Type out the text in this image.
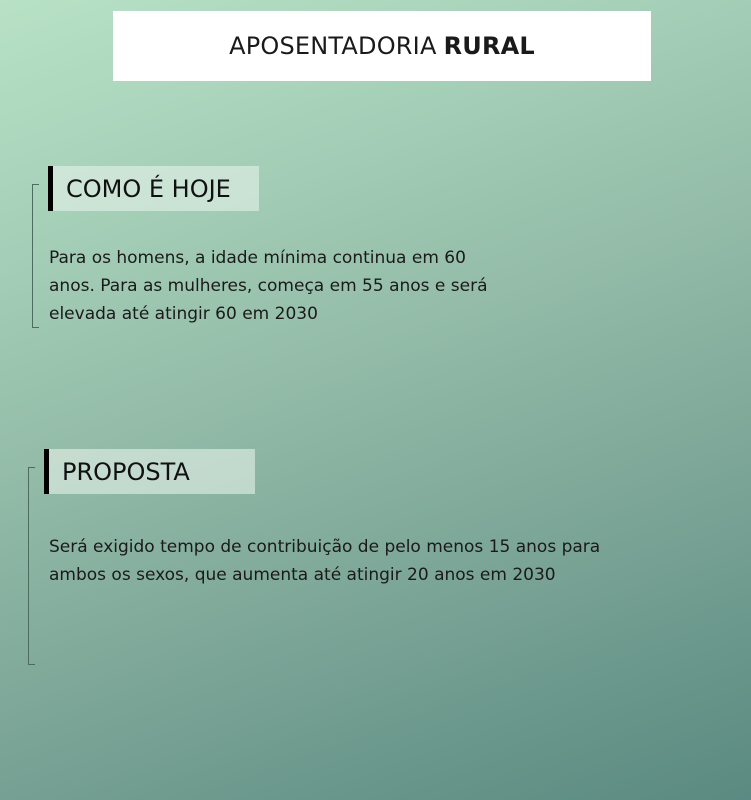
APOSENTADORIA RURAL
COMO É HOJE
Para os homens, a idade mínima continua em 60
anos. Para as mulheres, começa em 55 anos e será
elevada até atingir 60 em 2030
PROPOSTA
Será exigido tempo de contribuição de pelo menos 15 anos para
ambos os sexos, que aumenta até atingir 20 anos em 2030
